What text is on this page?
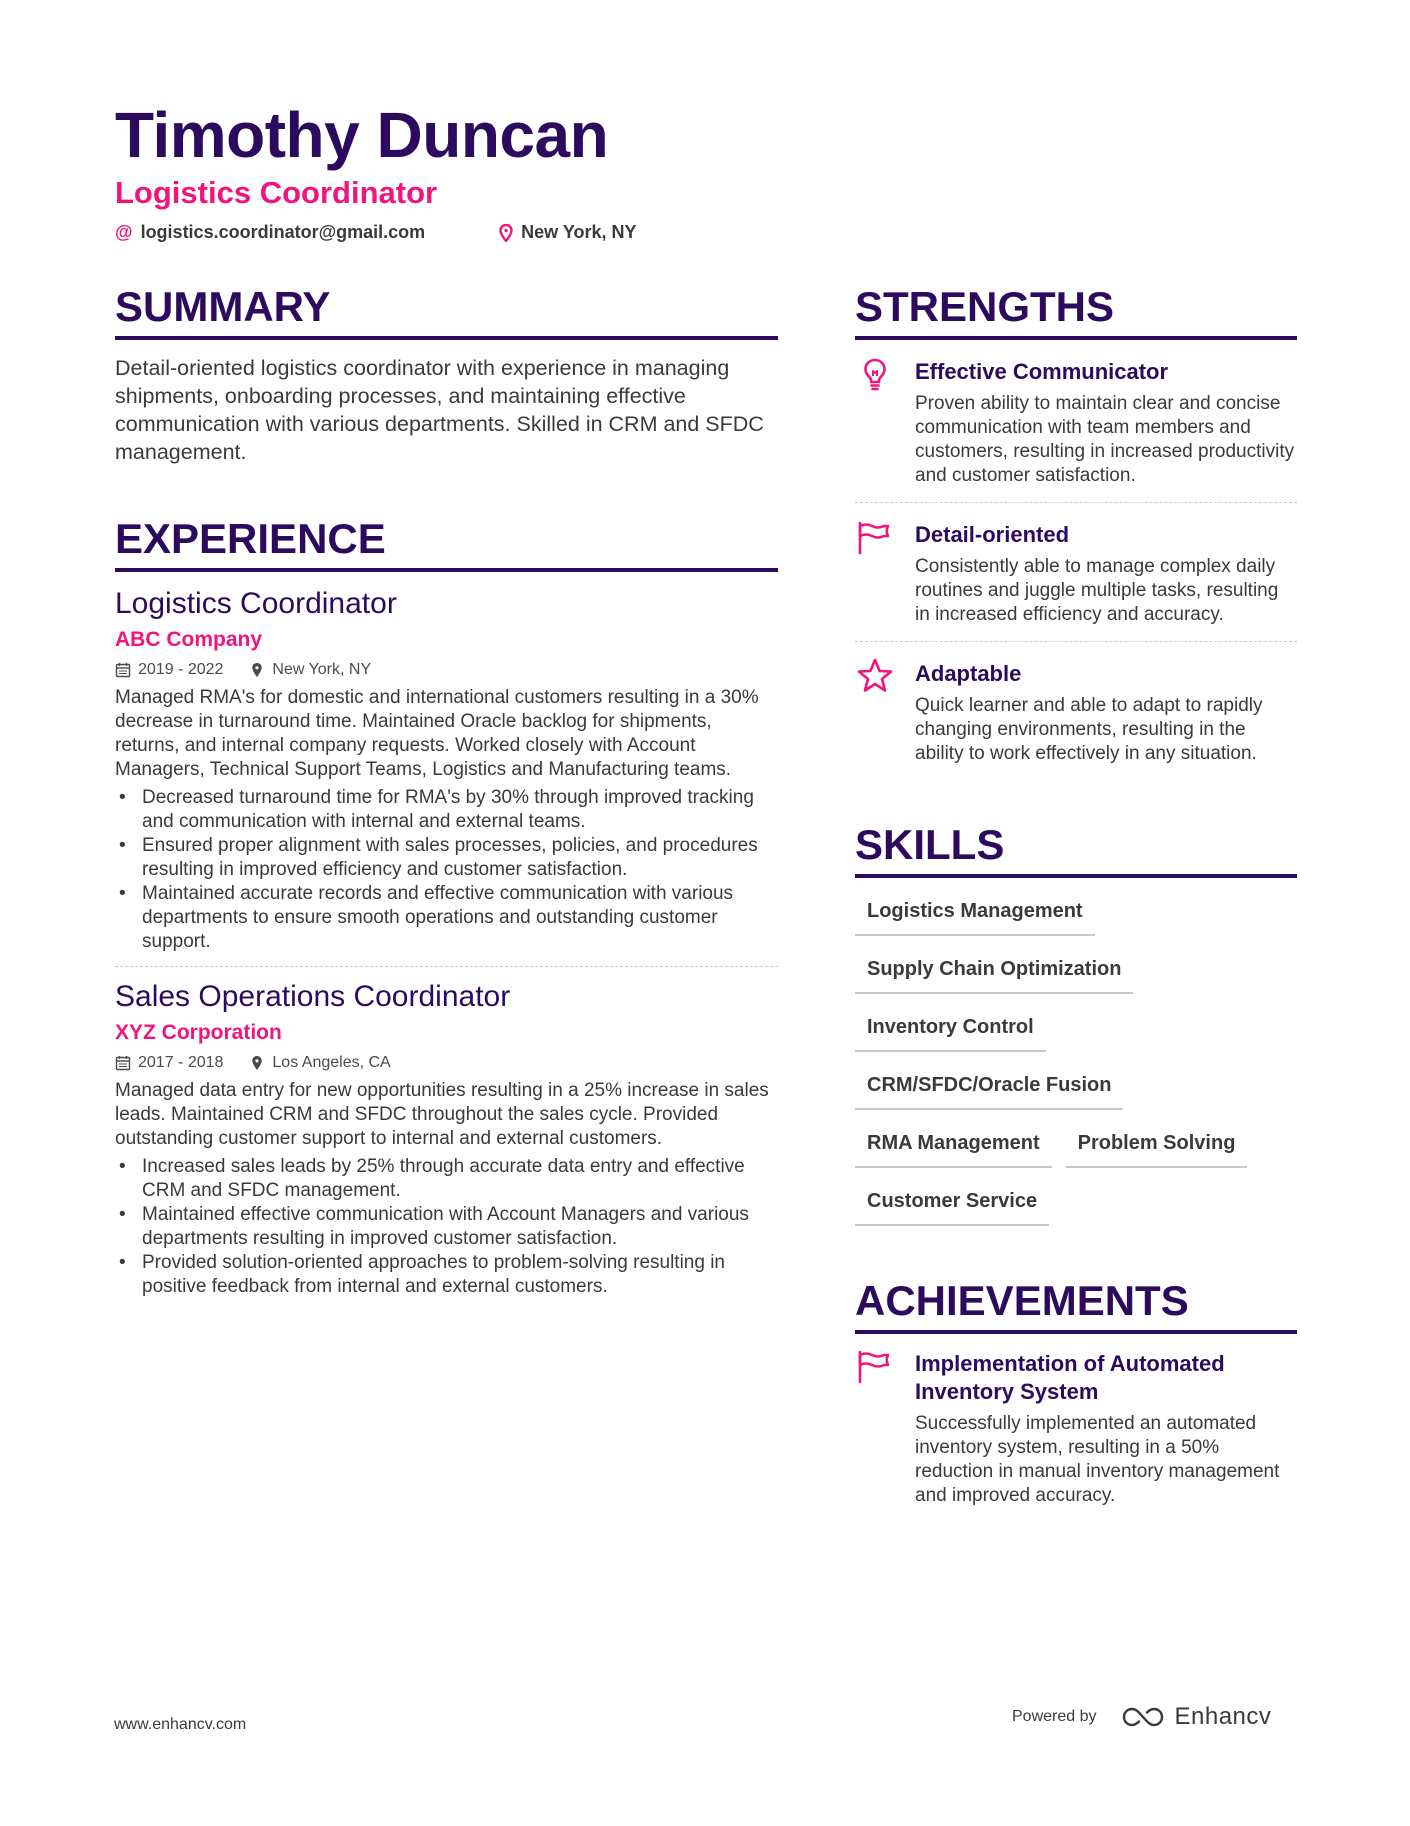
Timothy Duncan
Logistics Coordinator
@ logistics.coordinator@gmail.com	New York, NY
SUMMARY
Detail-oriented logistics coordinator with experience in managing shipments, onboarding processes, and maintaining effective communication with various departments. Skilled in CRM and SFDC management.
EXPERIENCE
Logistics Coordinator
ABC Company
2019 - 2022	New York, NY
Managed RMA's for domestic and international customers resulting in a 30% decrease in turnaround time. Maintained Oracle backlog for shipments, returns, and internal company requests. Worked closely with Account Managers, Technical Support Teams, Logistics and Manufacturing teams.
• Decreased turnaround time for RMA's by 30% through improved tracking and communication with internal and external teams.
• Ensured proper alignment with sales processes, policies, and procedures resulting in improved efficiency and customer satisfaction.
• Maintained accurate records and effective communication with various departments to ensure smooth operations and outstanding customer support.
Sales Operations Coordinator
XYZ Corporation
2017 - 2018	Los Angeles, CA
Managed data entry for new opportunities resulting in a 25% increase in sales leads. Maintained CRM and SFDC throughout the sales cycle. Provided outstanding customer support to internal and external customers.
• Increased sales leads by 25% through accurate data entry and effective CRM and SFDC management.
• Maintained effective communication with Account Managers and various departments resulting in improved customer satisfaction.
• Provided solution-oriented approaches to problem-solving resulting in positive feedback from internal and external customers.
STRENGTHS
Effective Communicator
Proven ability to maintain clear and concise communication with team members and customers, resulting in increased productivity and customer satisfaction.
Detail-oriented
Consistently able to manage complex daily routines and juggle multiple tasks, resulting in increased efficiency and accuracy.
Adaptable
Quick learner and able to adapt to rapidly changing environments, resulting in the ability to work effectively in any situation.
SKILLS
Logistics Management
Supply Chain Optimization
Inventory Control
CRM/SFDC/Oracle Fusion
RMA Management	Problem Solving
Customer Service
ACHIEVEMENTS
Implementation of Automated Inventory System
Successfully implemented an automated inventory system, resulting in a 50% reduction in manual inventory management and improved accuracy.
www.enhancv.com	Powered by	Enhancv
